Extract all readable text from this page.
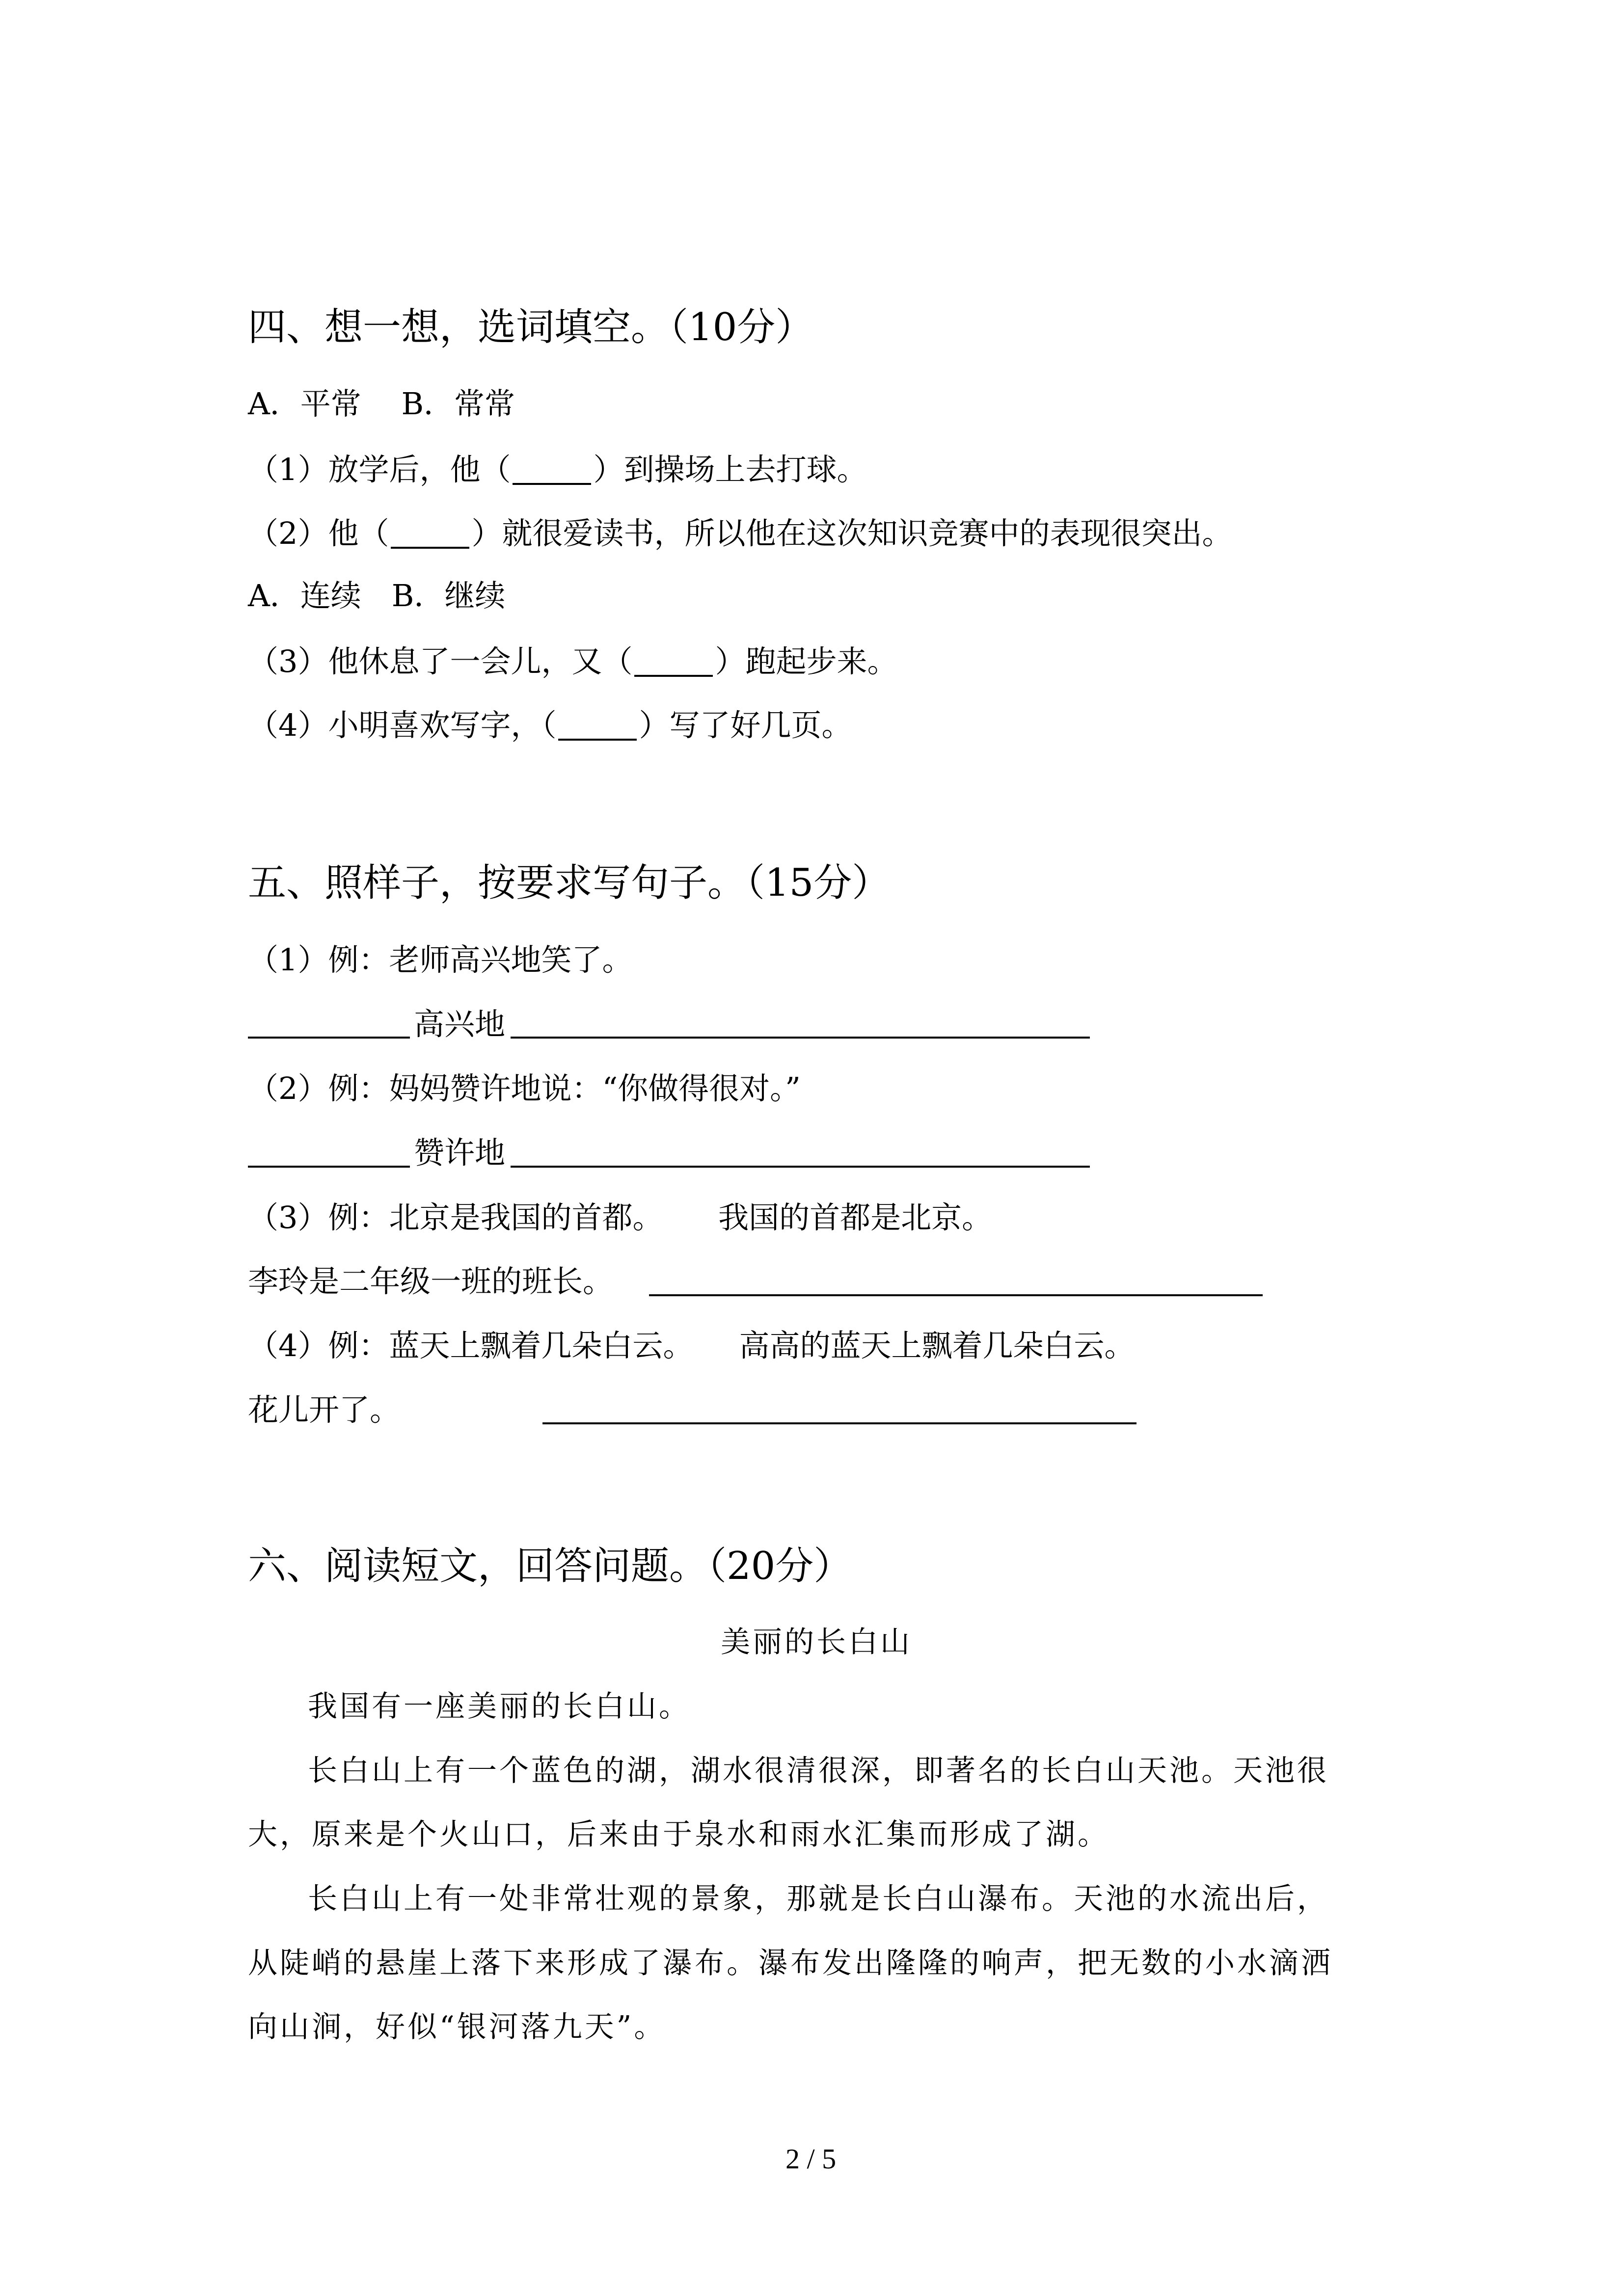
四、想一想，选词填空。（10分）
A．平常　 B．常常
（1）放学后，他（	）到操场上去打球。
（2）他（	）就很爱读书，所以他在这次知识竞赛中的表现很突出。
A．连续　B．继续
（3）他休息了一会儿，又（	）跑起步来。
（4）小明喜欢写字，（	）写了好几页。
五、照样子，按要求写句子。（15分）
（1）例：老师高兴地笑了。
高兴地
（2）例：妈妈赞许地说：“你做得很对。”
赞许地
（3）例：北京是我国的首都。　　 我国的首都是北京。
李玲是二年级一班的班长。
（4）例：蓝天上飘着几朵白云。　　高高的蓝天上飘着几朵白云。
花儿开了。
六、阅读短文，回答问题。（20分）
美丽的长白山
我国有一座美丽的长白山。
长白山上有一个蓝色的湖，湖水很清很深，即著名的长白山天池。天池很
大，原来是个火山口，后来由于泉水和雨水汇集而形成了湖。
长白山上有一处非常壮观的景象，那就是长白山瀑布。天池的水流出后，
从陡峭的悬崖上落下来形成了瀑布。瀑布发出隆隆的响声，把无数的小水滴洒
向山涧，好似“银河落九天”。
2 / 5
